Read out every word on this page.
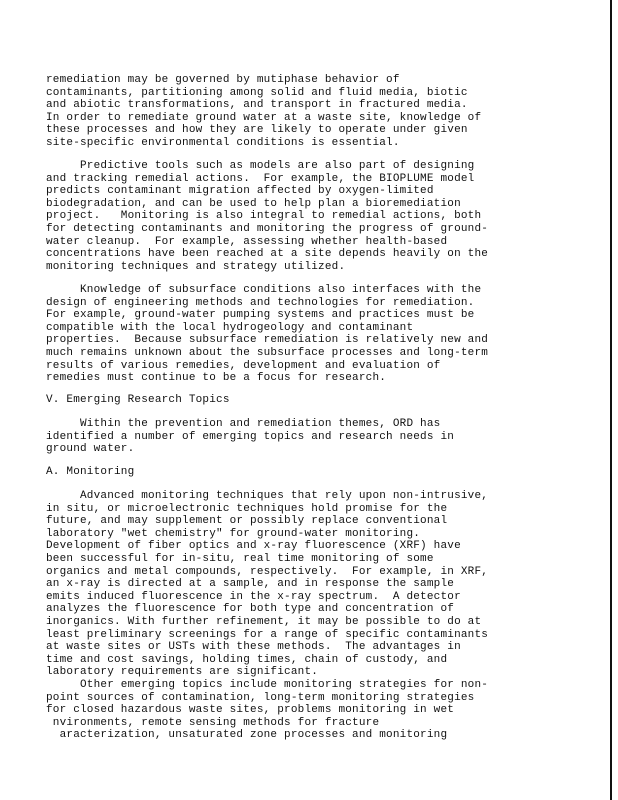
remediation may be governed by mutiphase behavior of
contaminants, partitioning among solid and fluid media, biotic
and abiotic transformations, and transport in fractured media.
In order to remediate ground water at a waste site, knowledge of
these processes and how they are likely to operate under given
site-specific environmental conditions is essential.
Predictive tools such as models are also part of designing
and tracking remedial actions.  For example, the BIOPLUME model
predicts contaminant migration affected by oxygen-limited
biodegradation, and can be used to help plan a bioremediation
project.   Monitoring is also integral to remedial actions, both
for detecting contaminants and monitoring the progress of ground-
water cleanup.  For example, assessing whether health-based
concentrations have been reached at a site depends heavily on the
monitoring techniques and strategy utilized.
Knowledge of subsurface conditions also interfaces with the
design of engineering methods and technologies for remediation.
For example, ground-water pumping systems and practices must be
compatible with the local hydrogeology and contaminant
properties.  Because subsurface remediation is relatively new and
much remains unknown about the subsurface processes and long-term
results of various remedies, development and evaluation of
remedies must continue to be a focus for research.
V. Emerging Research Topics
Within the prevention and remediation themes, ORD has
identified a number of emerging topics and research needs in
ground water.
A. Monitoring
Advanced monitoring techniques that rely upon non-intrusive,
in situ, or microelectronic techniques hold promise for the
future, and may supplement or possibly replace conventional
laboratory "wet chemistry" for ground-water monitoring.
Development of fiber optics and x-ray fluorescence (XRF) have
been successful for in-situ, real time monitoring of some
organics and metal compounds, respectively.  For example, in XRF,
an x-ray is directed at a sample, and in response the sample
emits induced fluorescence in the x-ray spectrum.  A detector
analyzes the fluorescence for both type and concentration of
inorganics. With further refinement, it may be possible to do at
least preliminary screenings for a range of specific contaminants
at waste sites or USTs with these methods.  The advantages in
time and cost savings, holding times, chain of custody, and
laboratory requirements are significant.
Other emerging topics include monitoring strategies for non-
point sources of contamination, long-term monitoring strategies
for closed hazardous waste sites, problems monitoring in wet
nvironments, remote sensing methods for fracture
aracterization, unsaturated zone processes and monitoring
